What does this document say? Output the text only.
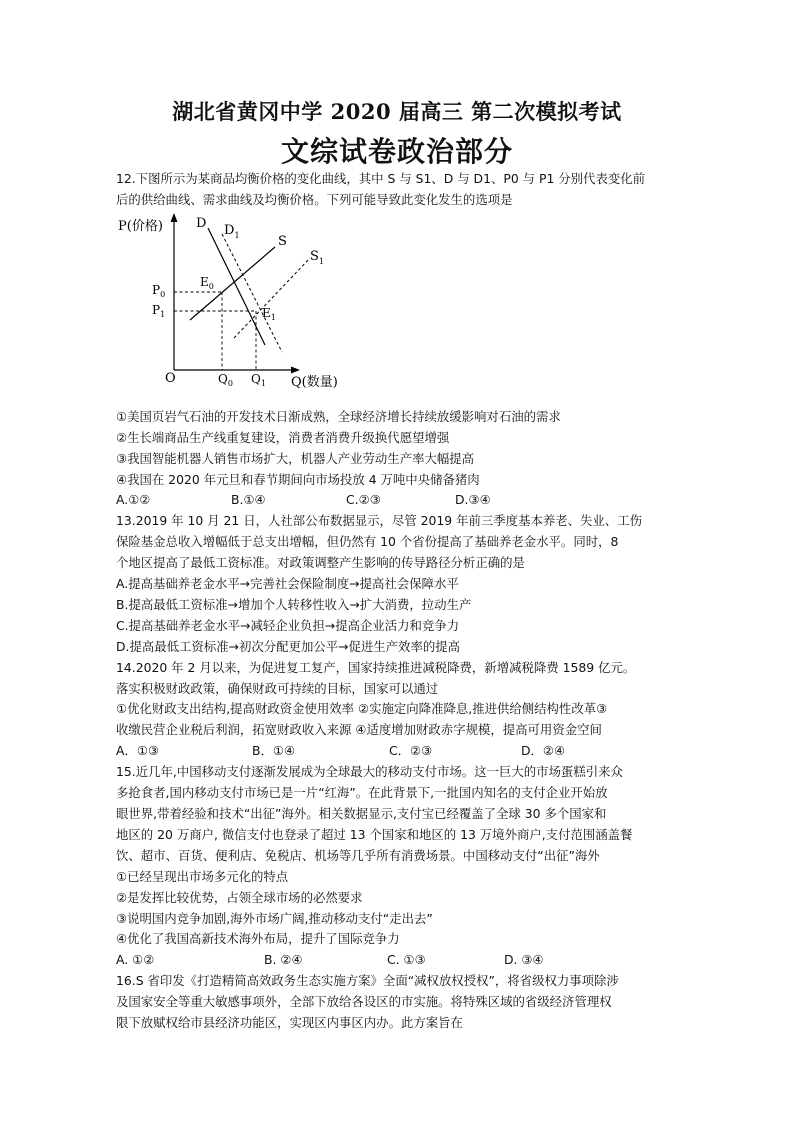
湖北省黄冈中学 2020 届高三 第二次模拟考试
文综试卷政治部分

12.下图所示为某商品均衡价格的变化曲线，其中 S 与 S1、D 与 D1、P0 与 P1 分别代表变化前

后的供给曲线、需求曲线及均衡价格。下列可能导致此变化发生的选项是

①美国页岩气石油的开发技术日渐成熟，全球经济增长持续放缓影响对石油的需求

②生长端商品生产线重复建设，消费者消费升级换代愿望增强

③我国智能机器人销售市场扩大，机器人产业劳动生产率大幅提高

④我国在 2020 年元旦和春节期间向市场投放 4 万吨中央储备猪肉

A.①②	B.①④	C.②③	D.③④

13.2019 年 10 月 21 日，人社部公布数据显示，尽管 2019 年前三季度基本养老、失业、工伤

保险基金总收入增幅低于总支出增幅，但仍然有 10 个省份提高了基础养老金水平。同时，8

个地区提高了最低工资标准。对政策调整产生影响的传导路径分析正确的是

A.提高基础养老金水平→完善社会保险制度→提高社会保障水平

B.提高最低工资标准→增加个人转移性收入→扩大消费，拉动生产

C.提高基础养老金水平→减轻企业负担→提高企业活力和竞争力

D.提高最低工资标准→初次分配更加公平→促进生产效率的提高

14.2020 年 2 月以来，为促进复工复产，国家持续推进减税降费，新增减税降费 1589 亿元。

落实积极财政政策，确保财政可持续的目标，国家可以通过

①优化财政支出结构,提高财政资金使用效率 ②实施定向降准降息,推进供给侧结构性改革③

收缴民营企业税后利润，拓宽财政收入来源 ④适度增加财政赤字规模，提高可用资金空间

A．①③	B．①④	C．②③	D．②④

15.近几年,中国移动支付逐渐发展成为全球最大的移动支付市场。这一巨大的市场蛋糕引来众

多抢食者,国内移动支付市场已是一片“红海”。在此背景下,一批国内知名的支付企业开始放

眼世界,带着经验和技术“出征”海外。相关数据显示,支付宝已经覆盖了全球 30 多个国家和

地区的 20 万商户, 微信支付也登录了超过 13 个国家和地区的 13 万境外商户,支付范围涵盖餐

饮、超市、百货、便利店、免税店、机场等几乎所有消费场景。中国移动支付“出征”海外

①已经呈现出市场多元化的特点

②是发挥比较优势，占领全球市场的必然要求

③说明国内竞争加剧,海外市场广阔,推动移动支付“走出去”

④优化了我国高新技术海外布局，提升了国际竞争力

A. ①②	B. ②④	C. ①③	D. ③④

16.S 省印发《打造精简高效政务生态实施方案》全面“减权放权授权”，将省级权力事项除涉

及国家安全等重大敏感事项外，全部下放给各设区的市实施。将特殊区域的省级经济管理权

限下放赋权给市县经济功能区，实现区内事区内办。此方案旨在

P(价格)
Q(数量)
O
D $D_1$	S
$S_1$
$E_0$
$E_1$
$P_0$
$P_1$
$Q_0$ $Q_1$
